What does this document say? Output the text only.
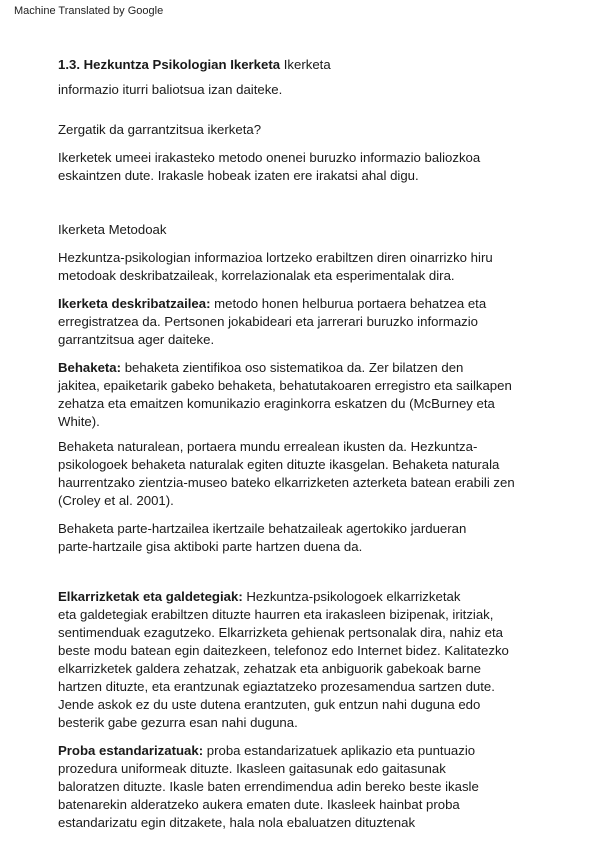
Machine Translated by Google

1.3. Hezkuntza Psikologian Ikerketa Ikerketa

informazio iturri baliotsua izan daiteke.

Zergatik da garrantzitsua ikerketa?

Ikerketek umeei irakasteko metodo onenei buruzko informazio baliozkoa

eskaintzen dute. Irakasle hobeak izaten ere irakatsi ahal digu.

Ikerketa Metodoak

Hezkuntza-psikologian informazioa lortzeko erabiltzen diren oinarrizko hiru

metodoak deskribatzaileak, korrelazionalak eta esperimentalak dira.

Ikerketa deskribatzailea: metodo honen helburua portaera behatzea eta

erregistratzea da. Pertsonen jokabideari eta jarrerari buruzko informazio

garrantzitsua ager daiteke.

Behaketa: behaketa zientifikoa oso sistematikoa da. Zer bilatzen den

jakitea, epaiketarik gabeko behaketa, behatutakoaren erregistro eta sailkapen

zehatza eta emaitzen komunikazio eraginkorra eskatzen du (McBurney eta

White).

Behaketa naturalean, portaera mundu errealean ikusten da. Hezkuntza-

psikologoek behaketa naturalak egiten dituzte ikasgelan. Behaketa naturala

haurrentzako zientzia-museo bateko elkarrizketen azterketa batean erabili zen

(Croley et al. 2001).

Behaketa parte-hartzailea ikertzaile behatzaileak agertokiko jardueran

parte-hartzaile gisa aktiboki parte hartzen duena da.

Elkarrizketak eta galdetegiak: Hezkuntza-psikologoek elkarrizketak

eta galdetegiak erabiltzen dituzte haurren eta irakasleen bizipenak, iritziak,

sentimenduak ezagutzeko. Elkarrizketa gehienak pertsonalak dira, nahiz eta

beste modu batean egin daitezkeen, telefonoz edo Internet bidez. Kalitatezko

elkarrizketek galdera zehatzak, zehatzak eta anbiguorik gabekoak barne

hartzen dituzte, eta erantzunak egiaztatzeko prozesamendua sartzen dute.

Jende askok ez du uste dutena erantzuten, guk entzun nahi duguna edo

besterik gabe gezurra esan nahi duguna.

Proba estandarizatuak: proba estandarizatuek aplikazio eta puntuazio

prozedura uniformeak dituzte. Ikasleen gaitasunak edo gaitasunak

baloratzen dituzte. Ikasle baten errendimendua adin bereko beste ikasle

batenarekin alderatzeko aukera ematen dute. Ikasleek hainbat proba

estandarizatu egin ditzakete, hala nola ebaluatzen dituztenak
